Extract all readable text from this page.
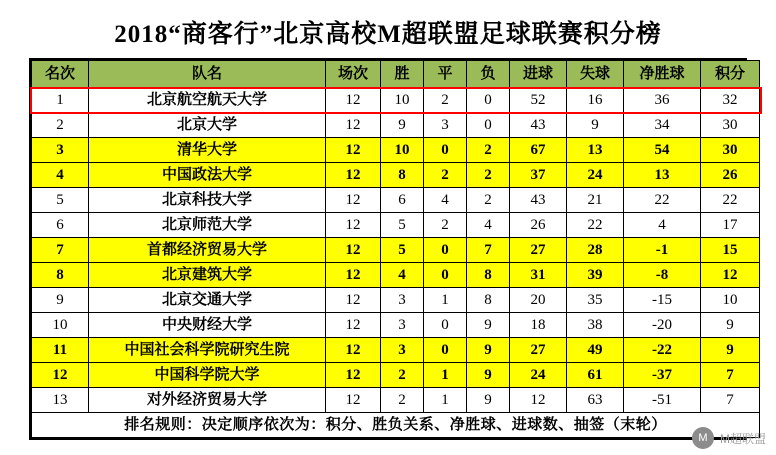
2018“商客行”北京高校M超联盟足球联赛积分榜
名次	队名	场次	胜	平	负	进球	失球	净胜球	积分
1	北京航空航天大学	12	10	2	0	52	16	36	32
2	北京大学	12	9	3	0	43	9	34	30
3	清华大学	12	10	0	2	67	13	54	30
4	中国政法大学	12	8	2	2	37	24	13	26
5	北京科技大学	12	6	4	2	43	21	22	22
6	北京师范大学	12	5	2	4	26	22	4	17
7	首都经济贸易大学	12	5	0	7	27	28	-1	15
8	北京建筑大学	12	4	0	8	31	39	-8	12
9	北京交通大学	12	3	1	8	20	35	-15	10
10	中央财经大学	12	3	0	9	18	38	-20	9
11	中国社会科学院研究生院	12	3	0	9	27	49	-22	9
12	中国科学院大学	12	2	1	9	24	61	-37	7
13	对外经济贸易大学	12	2	1	9	12	63	-51	7
排名规则：决定顺序依次为：积分、胜负关系、净胜球、进球数、抽签（末轮）									
M	M超联盟
